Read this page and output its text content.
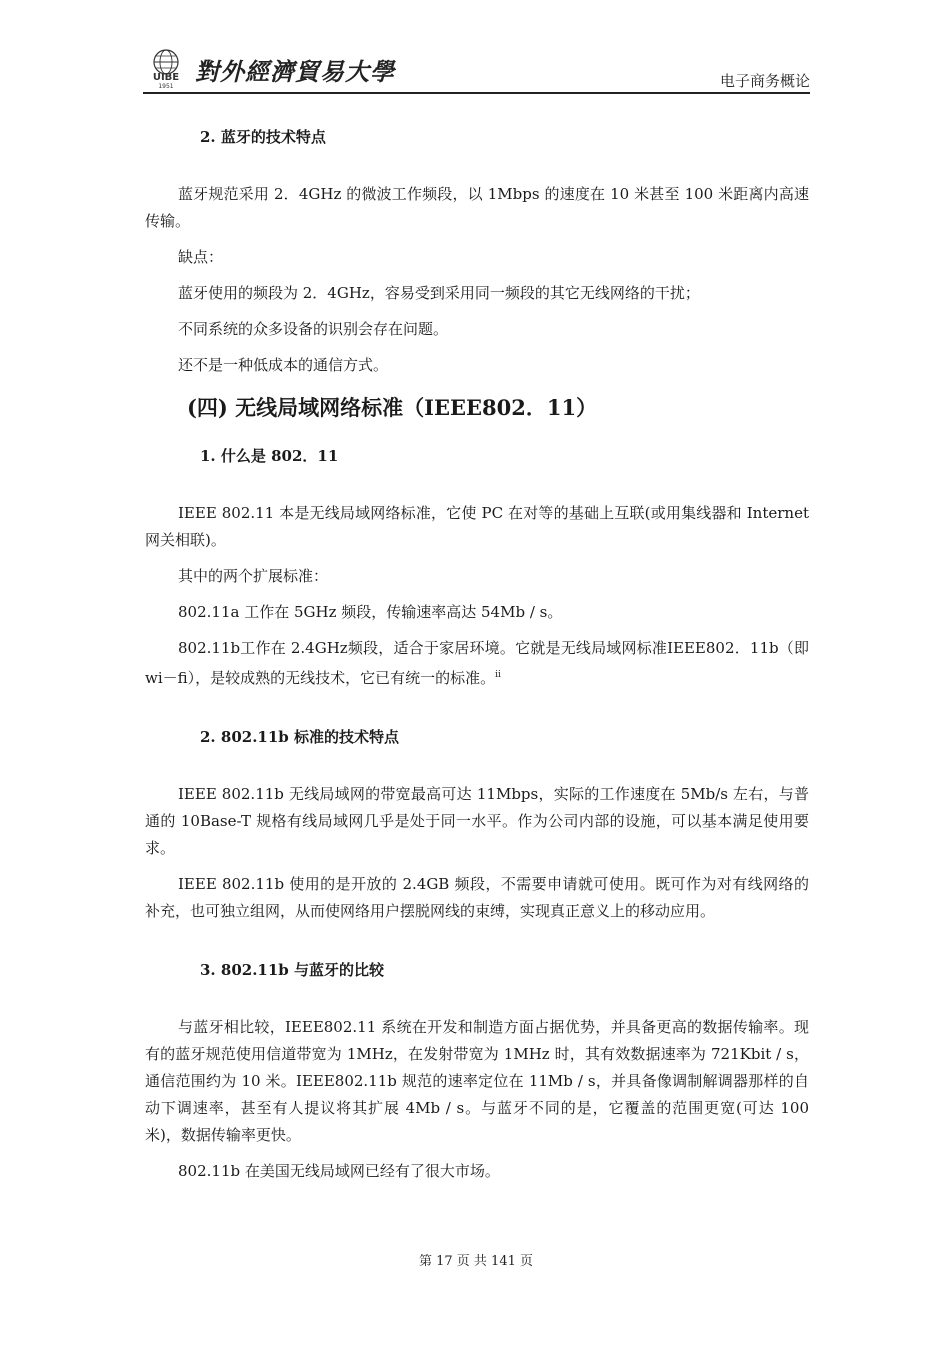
UIBE
1951
對外經濟貿易大學	电子商务概论
2. 蓝牙的技术特点

蓝牙规范采用 2．4GHz 的微波工作频段，以 1Mbps 的速度在 10 米甚至 100 米距离内高速传输。

缺点：

蓝牙使用的频段为 2．4GHz，容易受到采用同一频段的其它无线网络的干扰；

不同系统的众多设备的识别会存在问题。

还不是一种低成本的通信方式。

(四) 无线局域网络标准（IEEE802．11）
1. 什么是 802．11

IEEE 802.11 本是无线局域网络标准，它使 PC 在对等的基础上互联(或用集线器和 Internet 网关相联)。

其中的两个扩展标准：

802.11a 工作在 5GHz 频段，传输速率高达 54Mb / s。

802.11b工作在 2.4GHz频段，适合于家居环境。它就是无线局域网标准IEEE802．11b（即 wi－fi），是较成熟的无线技术，它已有统一的标准。$^{ii}$

2. 802.11b 标准的技术特点

IEEE 802.11b 无线局域网的带宽最高可达 11Mbps，实际的工作速度在 5Mb/s 左右，与普通的 10Base-T 规格有线局域网几乎是处于同一水平。作为公司内部的设施，可以基本满足使用要求。

IEEE 802.11b 使用的是开放的 2.4GB 频段，不需要申请就可使用。既可作为对有线网络的补充，也可独立组网，从而使网络用户摆脱网线的束缚，实现真正意义上的移动应用。

3. 802.11b 与蓝牙的比较

与蓝牙相比较，IEEE802.11 系统在开发和制造方面占据优势，并具备更高的数据传输率。现有的蓝牙规范使用信道带宽为 1MHz，在发射带宽为 1MHz 时，其有效数据速率为 721Kbit / s，通信范围约为 10 米。IEEE802.11b 规范的速率定位在 11Mb / s，并具备像调制解调器那样的自动下调速率，甚至有人提议将其扩展 4Mb / s。与蓝牙不同的是，它覆盖的范围更宽(可达 100 米)，数据传输率更快。

802.11b 在美国无线局域网已经有了很大市场。

第 17 页 共 141 页
